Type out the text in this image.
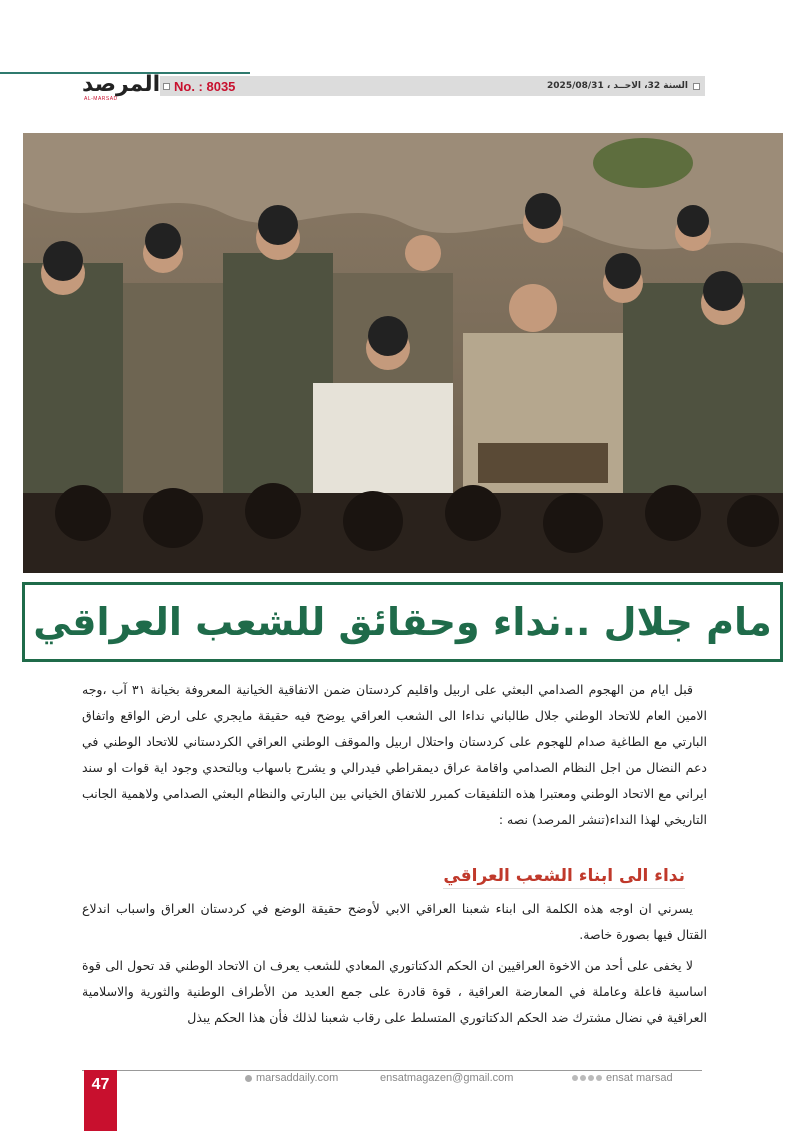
المرصد
AL-MARSAD
No. : 8035	السنة 32، الاحــد ، 2025/08/31
مام جلال ..نداء وحقائق للشعب العراقي

قبل ايام من الهجوم الصدامي البعثي على اربيل واقليم كردستان ضمن الاتفاقية الخيانية المعروفة بخيانة ٣١ آب ،وجه الامين العام للاتحاد الوطني جلال طالباني نداءا الى الشعب العراقي يوضح فيه حقيقة مايجري على ارض الواقع واتفاق البارتي مع الطاغية صدام للهجوم على كردستان واحتلال اربيل والموقف الوطني العراقي الكردستاني للاتحاد الوطني في دعم النضال من اجل النظام الصدامي واقامة عراق ديمقراطي فيدرالي و يشرح باسهاب وبالتحدي وجود اية قوات او سند ايراني مع الاتحاد الوطني ومعتبرا هذه التلفيقات كمبرر للاتفاق الخياني بين البارتي والنظام البعثي الصدامي ولاهمية الجانب التاريخي لهذا النداء(تنشر المرصد) نصه :

نداء الى ابناء الشعب العراقي

يسرني ان اوجه هذه الكلمة الى ابناء شعبنا العراقي الابي لأوضح حقيقة الوضع في كردستان العراق واسباب اندلاع القتال فيها بصورة خاصة.

لا يخفى على أحد من الاخوة العراقيين ان الحكم الدكتاتوري المعادي للشعب يعرف ان الاتحاد الوطني قد تحول الى قوة اساسية فاعلة وعاملة في المعارضة العراقية ، قوة قادرة على جمع العديد من الأطراف الوطنية والثورية والاسلامية العراقية في نضال مشترك ضد الحكم الدكتاتوري المتسلط على رقاب شعبنا لذلك فأن هذا الحكم يبذل

47	marsaddaily.com	ensatmagazen@gmail.com	ensat marsad
